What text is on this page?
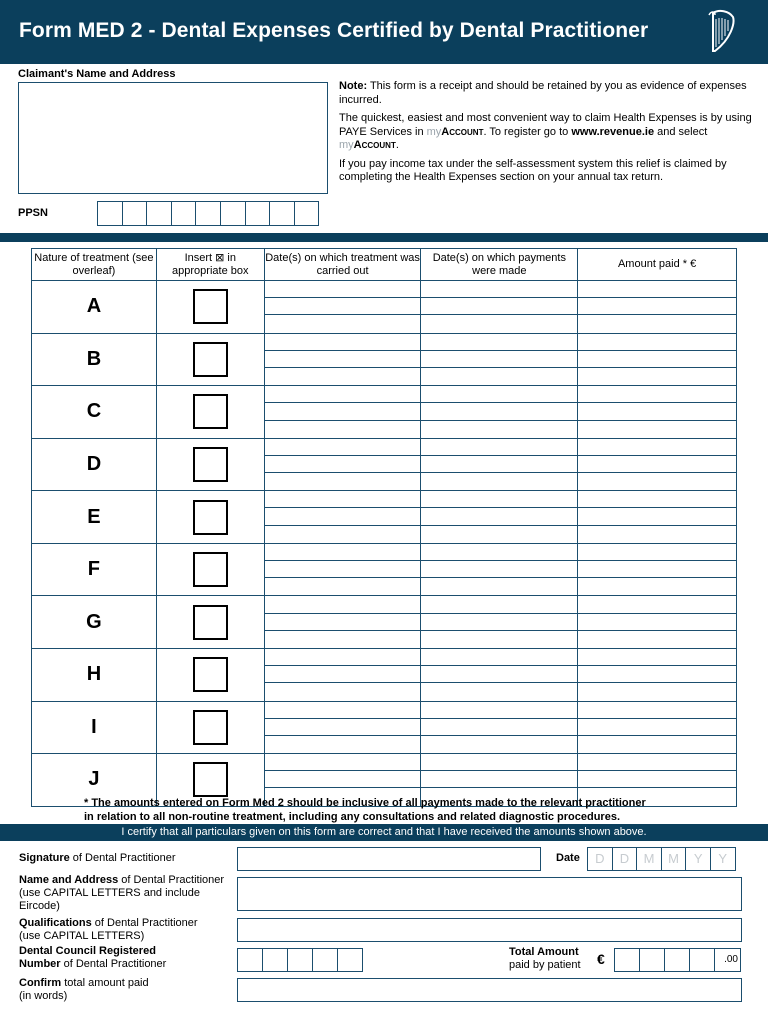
Form MED 2 - Dental Expenses Certified by Dental Practitioner
Claimant's Name and Address
PPSN

Note: This form is a receipt and should be retained by you as evidence of expenses incurred.

The quickest, easiest and most convenient way to claim Health Expenses is by using PAYE Services in myAccount. To register go to www.revenue.ie and select myAccount.

If you pay income tax under the self-assessment system this relief is claimed by completing the Health Expenses section on your annual tax return.

Nature of treatment (see overleaf)	Insert ⊠ in appropriate box	Date(s) on which treatment was carried out	Date(s) on which payments were made	Amount paid * €
A		

B		

C		

D		

E		

F		

G		

H		

I		

J		

* The amounts entered on Form Med 2 should be inclusive of all payments made to the relevant practitioner
in relation to all non-routine treatment, including any consultations and related diagnostic procedures.
I certify that all particulars given on this form are correct and that I have received the amounts shown above.
Signature of Dental Practitioner	Date	D	D	M	M	Y	Y
Name and Address of Dental Practitioner
(use CAPITAL LETTERS and include
Eircode)
Qualifications of Dental Practitioner
(use CAPITAL LETTERS)
Dental Council Registered
Number of Dental Practitioner
Total Amount
paid by patient €	.00
Confirm total amount paid
(in words)
